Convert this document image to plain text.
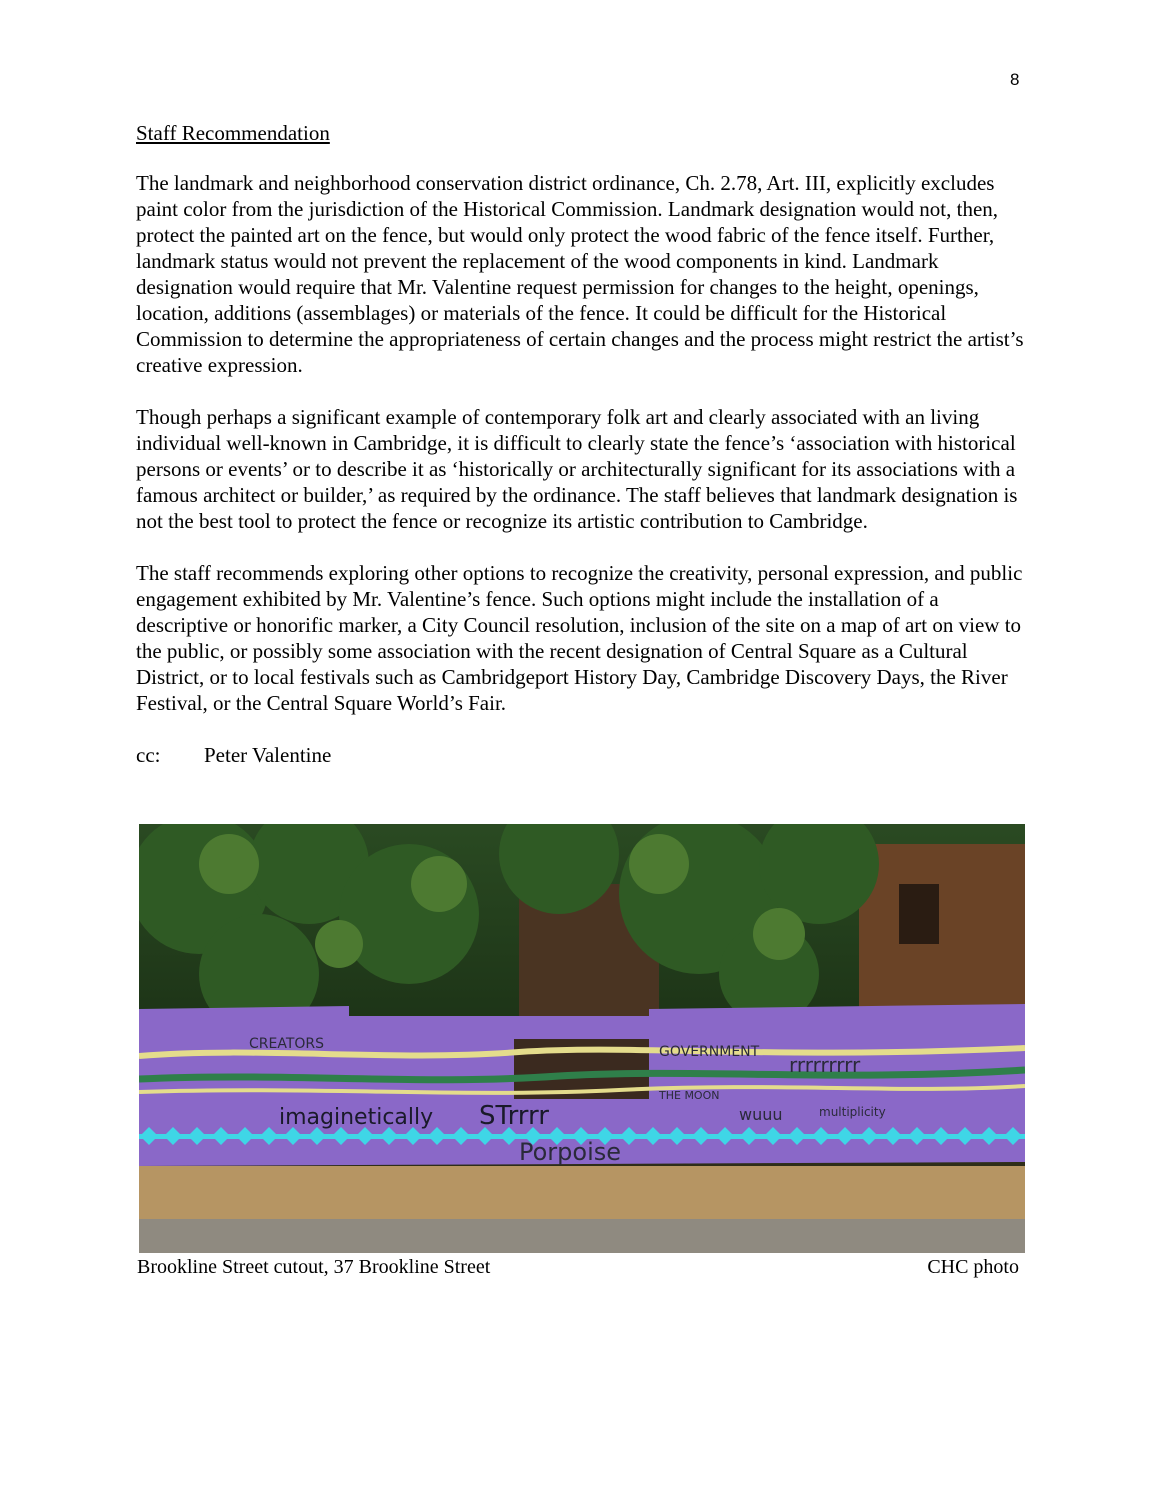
8
Staff Recommendation

The landmark and neighborhood conservation district ordinance, Ch. 2.78, Art. III, explicitly excludes paint color from the jurisdiction of the Historical Commission. Landmark designation would not, then, protect the painted art on the fence, but would only protect the wood fabric of the fence itself. Further, landmark status would not prevent the replacement of the wood components in kind. Landmark designation would require that Mr. Valentine request permission for changes to the height, openings, location, additions (assemblages) or materials of the fence. It could be difficult for the Historical Commission to determine the appropriateness of certain changes and the process might restrict the artist’s creative expression.

Though perhaps a significant example of contemporary folk art and clearly associated with an living individual well-known in Cambridge, it is difficult to clearly state the fence’s ‘association with historical persons or events’ or to describe it as ‘historically or architecturally significant for its associations with a famous architect or builder,’ as required by the ordinance. The staff believes that landmark designation is not the best tool to protect the fence or recognize its artistic contribution to Cambridge.

The staff recommends exploring other options to recognize the creativity, personal expression, and public engagement exhibited by Mr. Valentine’s fence. Such options might include the installation of a descriptive or honorific marker, a City Council resolution, inclusion of the site on a map of art on view to the public, or possibly some association with the recent designation of Central Square as a Cultural District, or to local festivals such as Cambridgeport History Day, Cambridge Discovery Days, the River Festival, or the Central Square World’s Fair.

cc:	Peter Valentine
imaginetically STrrrr
Porpoise
GOVERNMENT
CREATORS
rrrrrrrrr
multiplicity
wuuu
THE MOON
Brookline Street cutout, 37 Brookline Street	CHC photo
